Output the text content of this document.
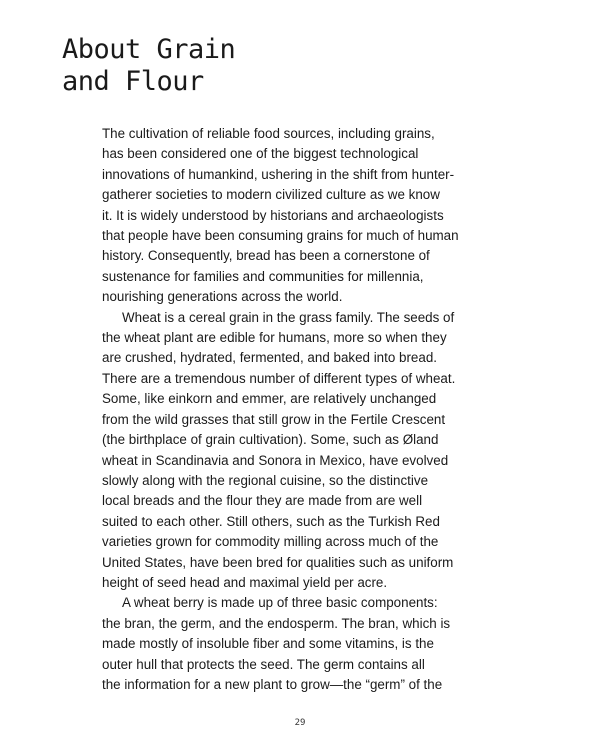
About Grain
and Flour
The cultivation of reliable food sources, including grains,
has been considered one of the biggest technological
innovations of humankind, ushering in the shift from hunter-
gatherer societies to modern civilized culture as we know
it. It is widely understood by historians and archaeologists
that people have been consuming grains for much of human
history. Consequently, bread has been a cornerstone of
sustenance for families and communities for millennia,
nourishing generations across the world.
Wheat is a cereal grain in the grass family. The seeds of
the wheat plant are edible for humans, more so when they
are crushed, hydrated, fermented, and baked into bread.
There are a tremendous number of different types of wheat.
Some, like einkorn and emmer, are relatively unchanged
from the wild grasses that still grow in the Fertile Crescent
(the birthplace of grain cultivation). Some, such as Øland
wheat in Scandinavia and Sonora in Mexico, have evolved
slowly along with the regional cuisine, so the distinctive
local breads and the flour they are made from are well
suited to each other. Still others, such as the Turkish Red
varieties grown for commodity milling across much of the
United States, have been bred for qualities such as uniform
height of seed head and maximal yield per acre.
A wheat berry is made up of three basic components:
the bran, the germ, and the endosperm. The bran, which is
made mostly of insoluble fiber and some vitamins, is the
outer hull that protects the seed. The germ contains all
the information for a new plant to grow—the “germ” of the
29
